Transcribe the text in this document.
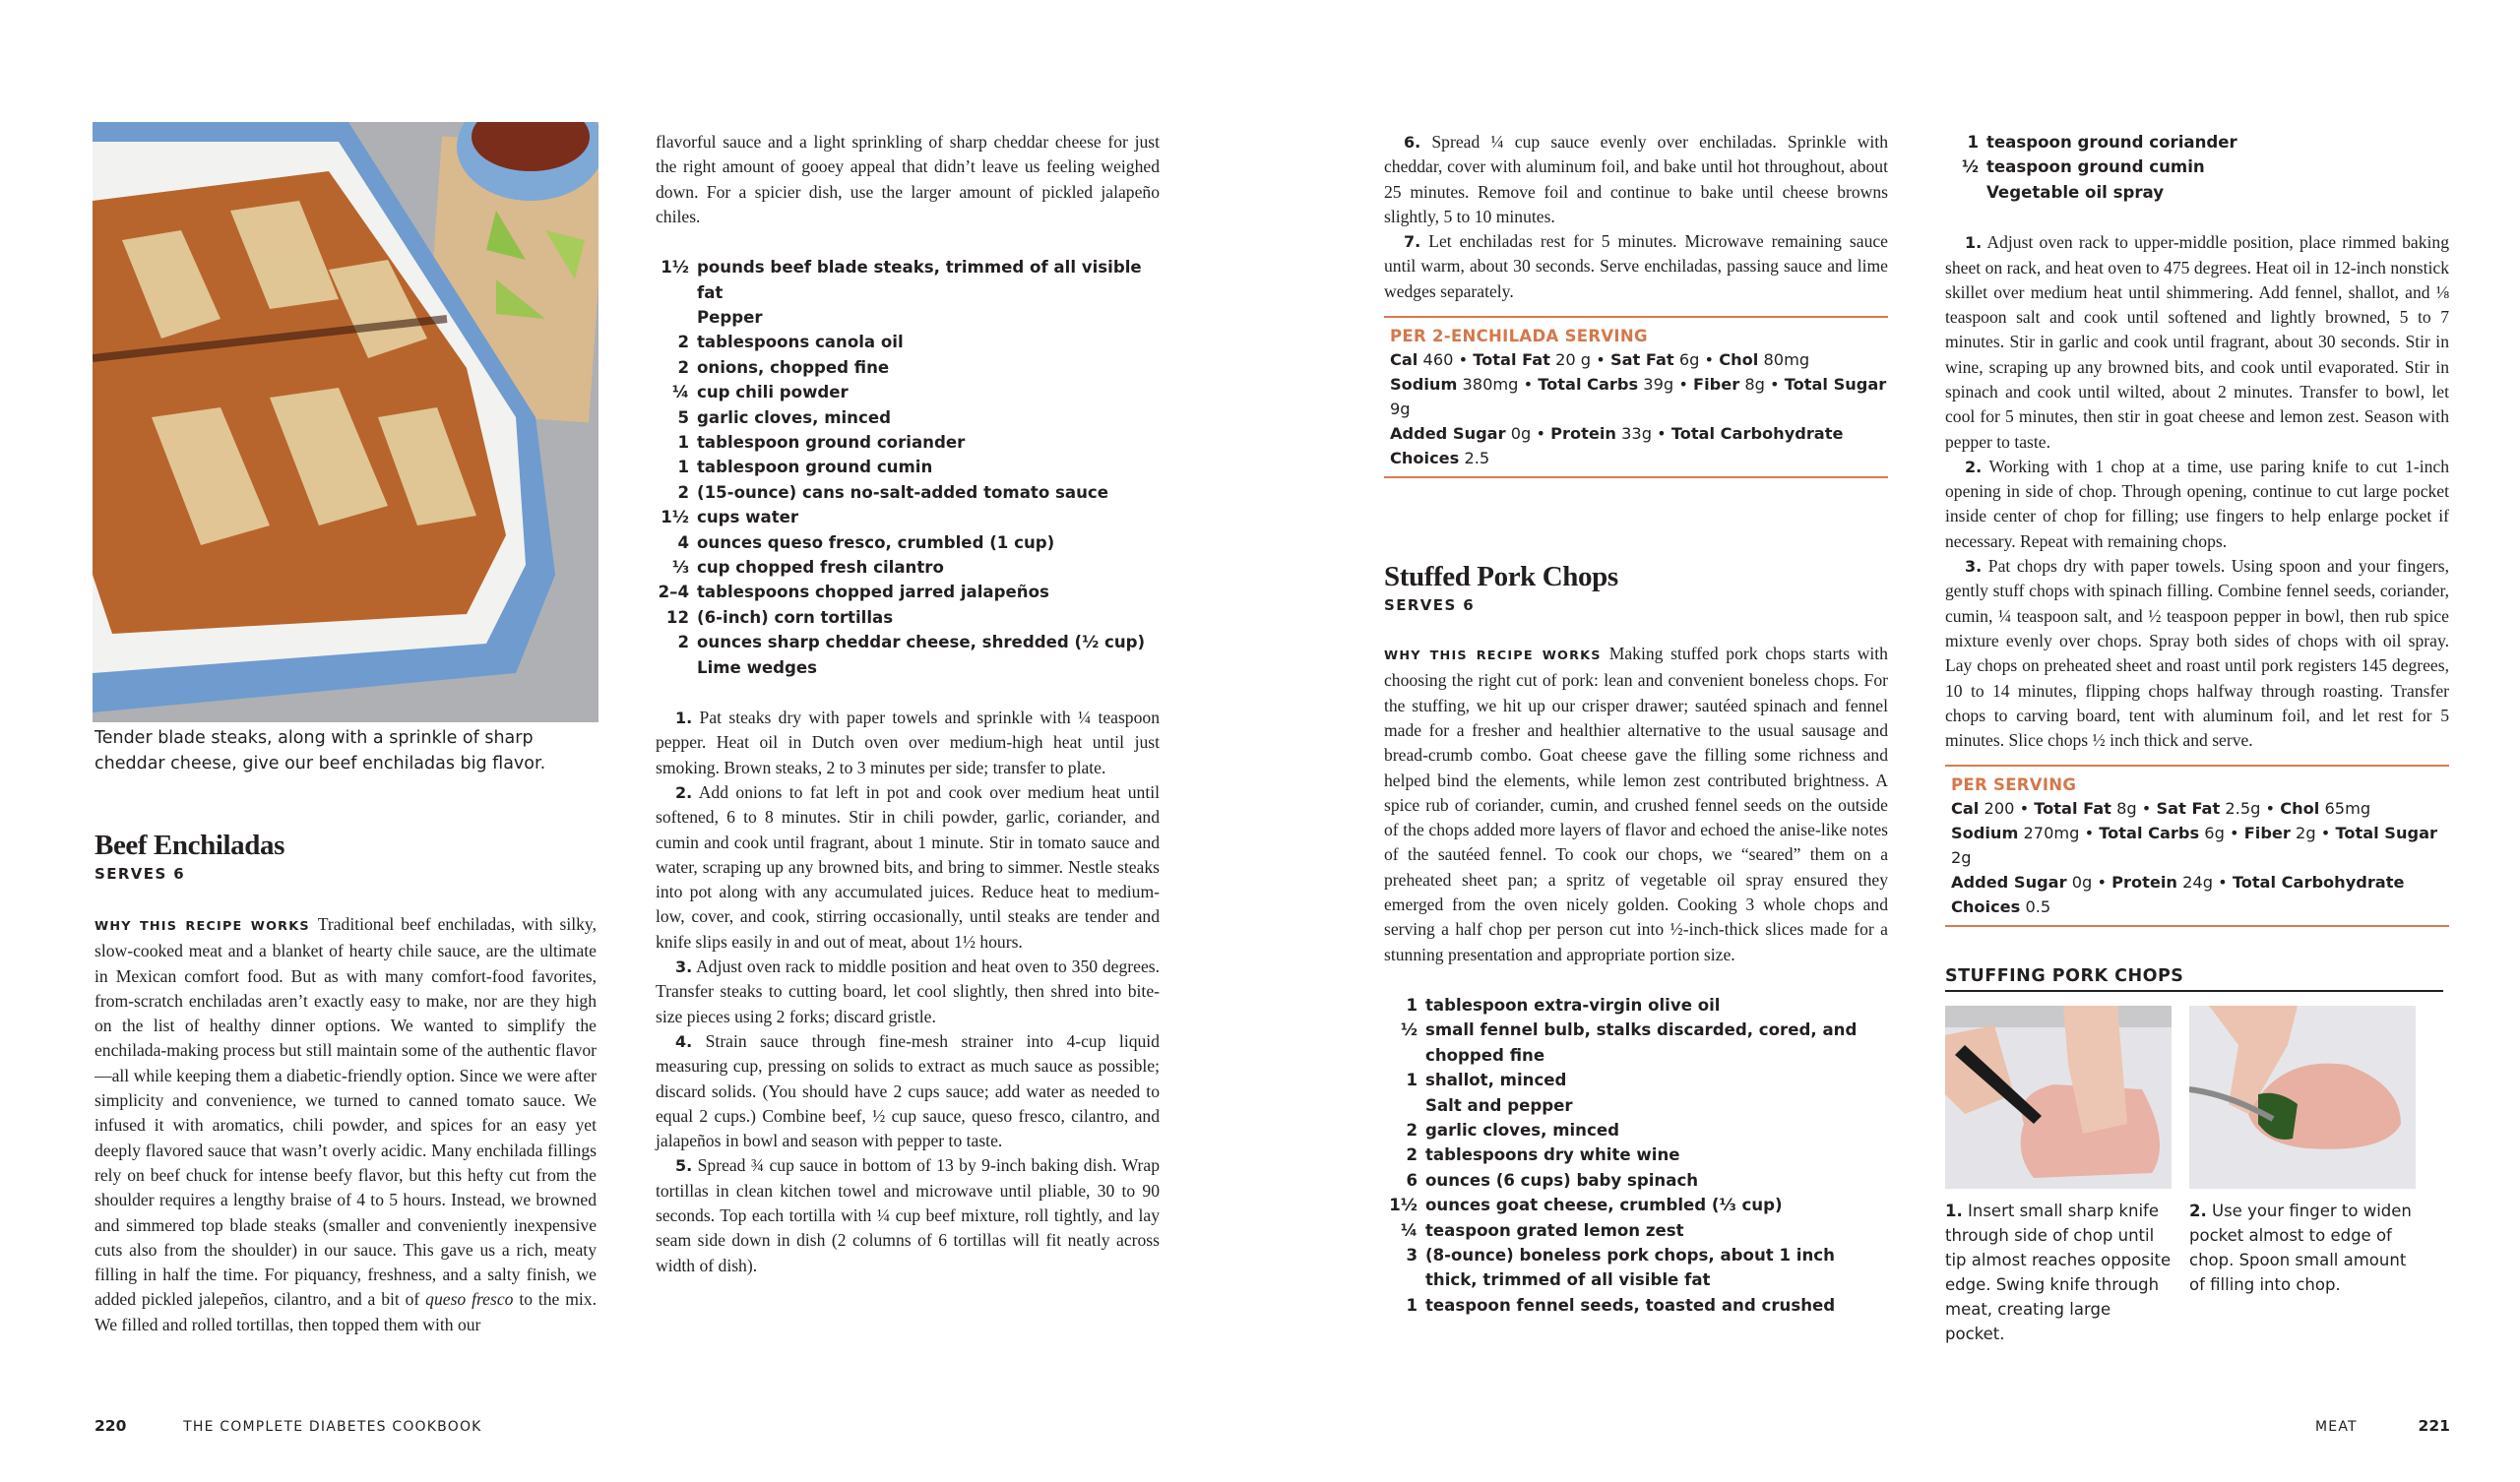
Tender blade steaks, along with a sprinkle of sharp cheddar cheese, give our beef enchiladas big flavor.
Beef Enchiladas
SERVES 6
WHY THIS RECIPE WORKS Traditional beef enchiladas, with silky, slow-cooked meat and a blanket of hearty chile sauce, are the ultimate in Mexican comfort food. But as with many comfort-food favorites, from-scratch enchiladas aren’t exactly easy to make, nor are they high on the list of healthy dinner options. We wanted to simplify the enchilada-making process but still maintain some of the authentic flavor—all while keeping them a diabetic-friendly option. Since we were after simplicity and convenience, we turned to canned tomato sauce. We infused it with aromatics, chili powder, and spices for an easy yet deeply flavored sauce that wasn’t overly acidic. Many enchilada fillings rely on beef chuck for intense beefy flavor, but this hefty cut from the shoulder requires a lengthy braise of 4 to 5 hours. Instead, we browned and simmered top blade steaks (smaller and conveniently inexpensive cuts also from the shoulder) in our sauce. This gave us a rich, meaty filling in half the time. For piquancy, freshness, and a salty finish, we added pickled jalepeños, cilantro, and a bit of queso fresco to the mix. We filled and rolled tortillas, then topped them with our
flavorful sauce and a light sprinkling of sharp cheddar cheese for just the right amount of gooey appeal that didn’t leave us feeling weighed down. For a spicier dish, use the larger amount of pickled jalapeño chiles.
1½ pounds beef blade steaks, trimmed of all visible fat
Pepper
2 tablespoons canola oil
2 onions, chopped fine
¼ cup chili powder
5 garlic cloves, minced
1 tablespoon ground coriander
1 tablespoon ground cumin
2 (15-ounce) cans no-salt-added tomato sauce
1½ cups water
4 ounces queso fresco, crumbled (1 cup)
⅓ cup chopped fresh cilantro
2–4 tablespoons chopped jarred jalapeños
12 (6-inch) corn tortillas
2 ounces sharp cheddar cheese, shredded (½ cup)
Lime wedges

1. Pat steaks dry with paper towels and sprinkle with ¼ teaspoon pepper. Heat oil in Dutch oven over medium-high heat until just smoking. Brown steaks, 2 to 3 minutes per side; transfer to plate.

2. Add onions to fat left in pot and cook over medium heat until softened, 6 to 8 minutes. Stir in chili powder, garlic, coriander, and cumin and cook until fragrant, about 1 minute. Stir in tomato sauce and water, scraping up any browned bits, and bring to simmer. Nestle steaks into pot along with any accumulated juices. Reduce heat to medium-low, cover, and cook, stirring occasionally, until steaks are tender and knife slips easily in and out of meat, about 1½ hours.

3. Adjust oven rack to middle position and heat oven to 350 degrees. Transfer steaks to cutting board, let cool slightly, then shred into bite-size pieces using 2 forks; discard gristle.

4. Strain sauce through fine-mesh strainer into 4-cup liquid measuring cup, pressing on solids to extract as much sauce as possible; discard solids. (You should have 2 cups sauce; add water as needed to equal 2 cups.) Combine beef, ½ cup sauce, queso fresco, cilantro, and jalapeños in bowl and season with pepper to taste.

5. Spread ¾ cup sauce in bottom of 13 by 9-inch baking dish. Wrap tortillas in clean kitchen towel and microwave until pliable, 30 to 90 seconds. Top each tortilla with ¼ cup beef mixture, roll tightly, and lay seam side down in dish (2 columns of 6 tortillas will fit neatly across width of dish).

220	THE COMPLETE DIABETES COOKBOOK

6. Spread ¼ cup sauce evenly over enchiladas. Sprinkle with cheddar, cover with aluminum foil, and bake until hot throughout, about 25 minutes. Remove foil and continue to bake until cheese browns slightly, 5 to 10 minutes.

7. Let enchiladas rest for 5 minutes. Microwave remaining sauce until warm, about 30 seconds. Serve enchiladas, passing sauce and lime wedges separately.

PER 2-ENCHILADA SERVING
Cal 460 • Total Fat 20 g • Sat Fat 6g • Chol 80mg
Sodium 380mg • Total Carbs 39g • Fiber 8g • Total Sugar 9g
Added Sugar 0g • Protein 33g • Total Carbohydrate Choices 2.5
Stuffed Pork Chops
SERVES 6
WHY THIS RECIPE WORKS Making stuffed pork chops starts with choosing the right cut of pork: lean and convenient boneless chops. For the stuffing, we hit up our crisper drawer; sautéed spinach and fennel made for a fresher and healthier alternative to the usual sausage and bread-crumb combo. Goat cheese gave the filling some richness and helped bind the elements, while lemon zest contributed brightness. A spice rub of coriander, cumin, and crushed fennel seeds on the outside of the chops added more layers of flavor and echoed the anise-like notes of the sautéed fennel. To cook our chops, we “seared” them on a preheated sheet pan; a spritz of vegetable oil spray ensured they emerged from the oven nicely golden. Cooking 3 whole chops and serving a half chop per person cut into ½-inch-thick slices made for a stunning presentation and appropriate portion size.
1 tablespoon extra-virgin olive oil
½ small fennel bulb, stalks discarded, cored, and chopped fine
1 shallot, minced
Salt and pepper
2 garlic cloves, minced
2 tablespoons dry white wine
6 ounces (6 cups) baby spinach
1½ ounces goat cheese, crumbled (⅓ cup)
¼ teaspoon grated lemon zest
3 (8-ounce) boneless pork chops, about 1 inch thick, trimmed of all visible fat
1 teaspoon fennel seeds, toasted and crushed
1 teaspoon ground coriander
½ teaspoon ground cumin
Vegetable oil spray

1. Adjust oven rack to upper-middle position, place rimmed baking sheet on rack, and heat oven to 475 degrees. Heat oil in 12-inch nonstick skillet over medium heat until shimmering. Add fennel, shallot, and ⅛ teaspoon salt and cook until softened and lightly browned, 5 to 7 minutes. Stir in garlic and cook until fragrant, about 30 seconds. Stir in wine, scraping up any browned bits, and cook until evaporated. Stir in spinach and cook until wilted, about 2 minutes. Transfer to bowl, let cool for 5 minutes, then stir in goat cheese and lemon zest. Season with pepper to taste.

2. Working with 1 chop at a time, use paring knife to cut 1-inch opening in side of chop. Through opening, continue to cut large pocket inside center of chop for filling; use fingers to help enlarge pocket if necessary. Repeat with remaining chops.

3. Pat chops dry with paper towels. Using spoon and your fingers, gently stuff chops with spinach filling. Combine fennel seeds, coriander, cumin, ¼ teaspoon salt, and ½ teaspoon pepper in bowl, then rub spice mixture evenly over chops. Spray both sides of chops with oil spray. Lay chops on preheated sheet and roast until pork registers 145 degrees, 10 to 14 minutes, flipping chops halfway through roasting. Transfer chops to carving board, tent with aluminum foil, and let rest for 5 minutes. Slice chops ½ inch thick and serve.

PER SERVING
Cal 200 • Total Fat 8g • Sat Fat 2.5g • Chol 65mg
Sodium 270mg • Total Carbs 6g • Fiber 2g • Total Sugar 2g
Added Sugar 0g • Protein 24g • Total Carbohydrate Choices 0.5
STUFFING PORK CHOPS
1. Insert small sharp knife through side of chop until tip almost reaches opposite edge. Swing knife through meat, creating large pocket.
2. Use your finger to widen pocket almost to edge of chop. Spoon small amount of filling into chop.
MEAT	221
